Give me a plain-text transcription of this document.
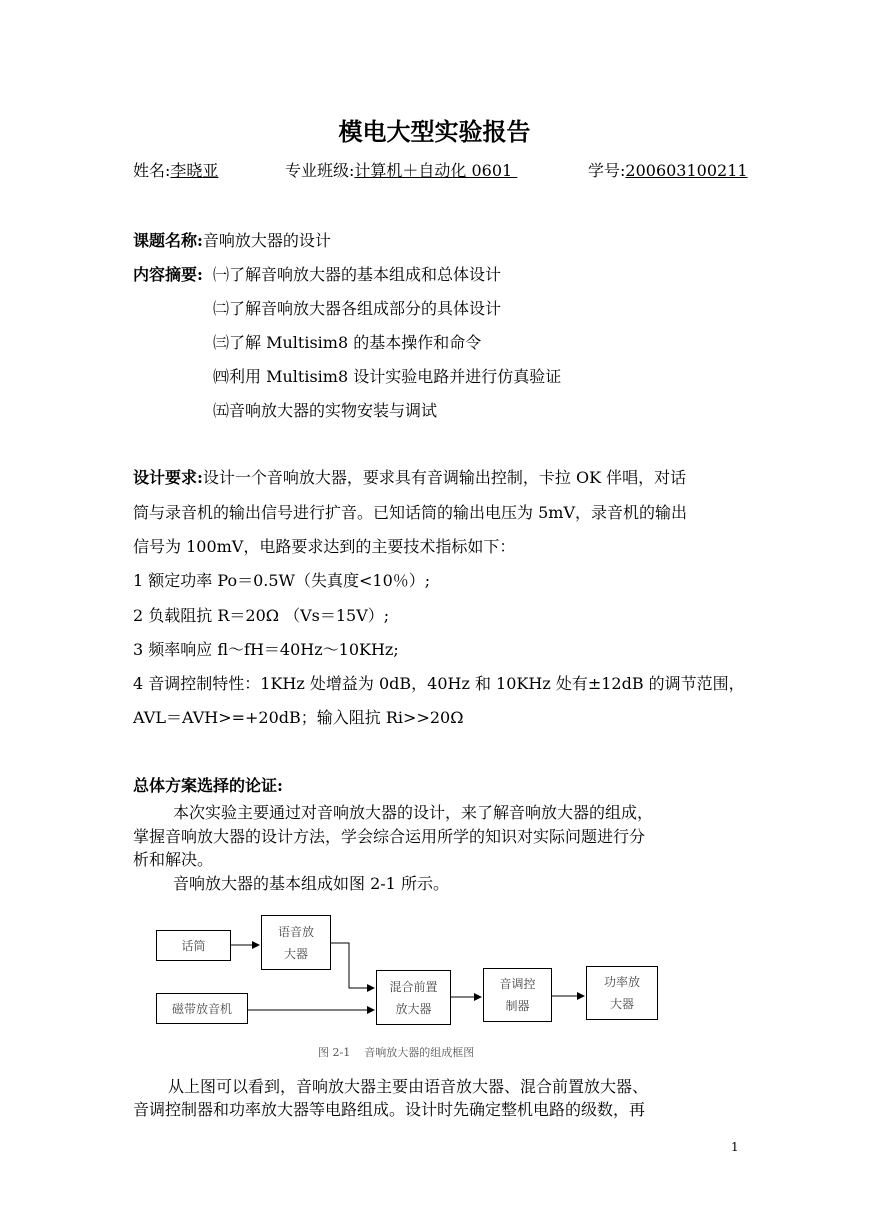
模电大型实验报告
姓名:李晓亚	专业班级:计算机＋自动化 0601	学号:200603100211
课题名称:音响放大器的设计
内容摘要: ㈠了解音响放大器的基本组成和总体设计
㈡了解音响放大器各组成部分的具体设计
㈢了解 Multisim8 的基本操作和命令
㈣利用 Multisim8 设计实验电路并进行仿真验证
㈤音响放大器的实物安装与调试
设计要求:设计一个音响放大器，要求具有音调输出控制，卡拉 OK 伴唱，对话
筒与录音机的输出信号进行扩音。已知话筒的输出电压为 5mV，录音机的输出
信号为 100mV，电路要求达到的主要技术指标如下：
1 额定功率 Po＝0.5W（失真度<10％）;
2 负载阻抗 R＝20Ω （Vs＝15V）;
3 频率响应 fl～fH＝40Hz～10KHz;
4 音调控制特性：1KHz 处增益为 0dB，40Hz 和 10KHz 处有±12dB 的调节范围，
AVL＝AVH>=+20dB；输入阻抗 Ri>>20Ω
总体方案选择的论证:
本次实验主要通过对音响放大器的设计，来了解音响放大器的组成，
掌握音响放大器的设计方法，学会综合运用所学的知识对实际问题进行分
析和解决。
音响放大器的基本组成如图 2-1 所示。
话筒
语音放
大器
磁带放音机
混合前置
放大器
音调控
制器
功率放
大器
图 2-1    音响放大器的组成框图
从上图可以看到，音响放大器主要由语音放大器、混合前置放大器、
音调控制器和功率放大器等电路组成。设计时先确定整机电路的级数，再
1
